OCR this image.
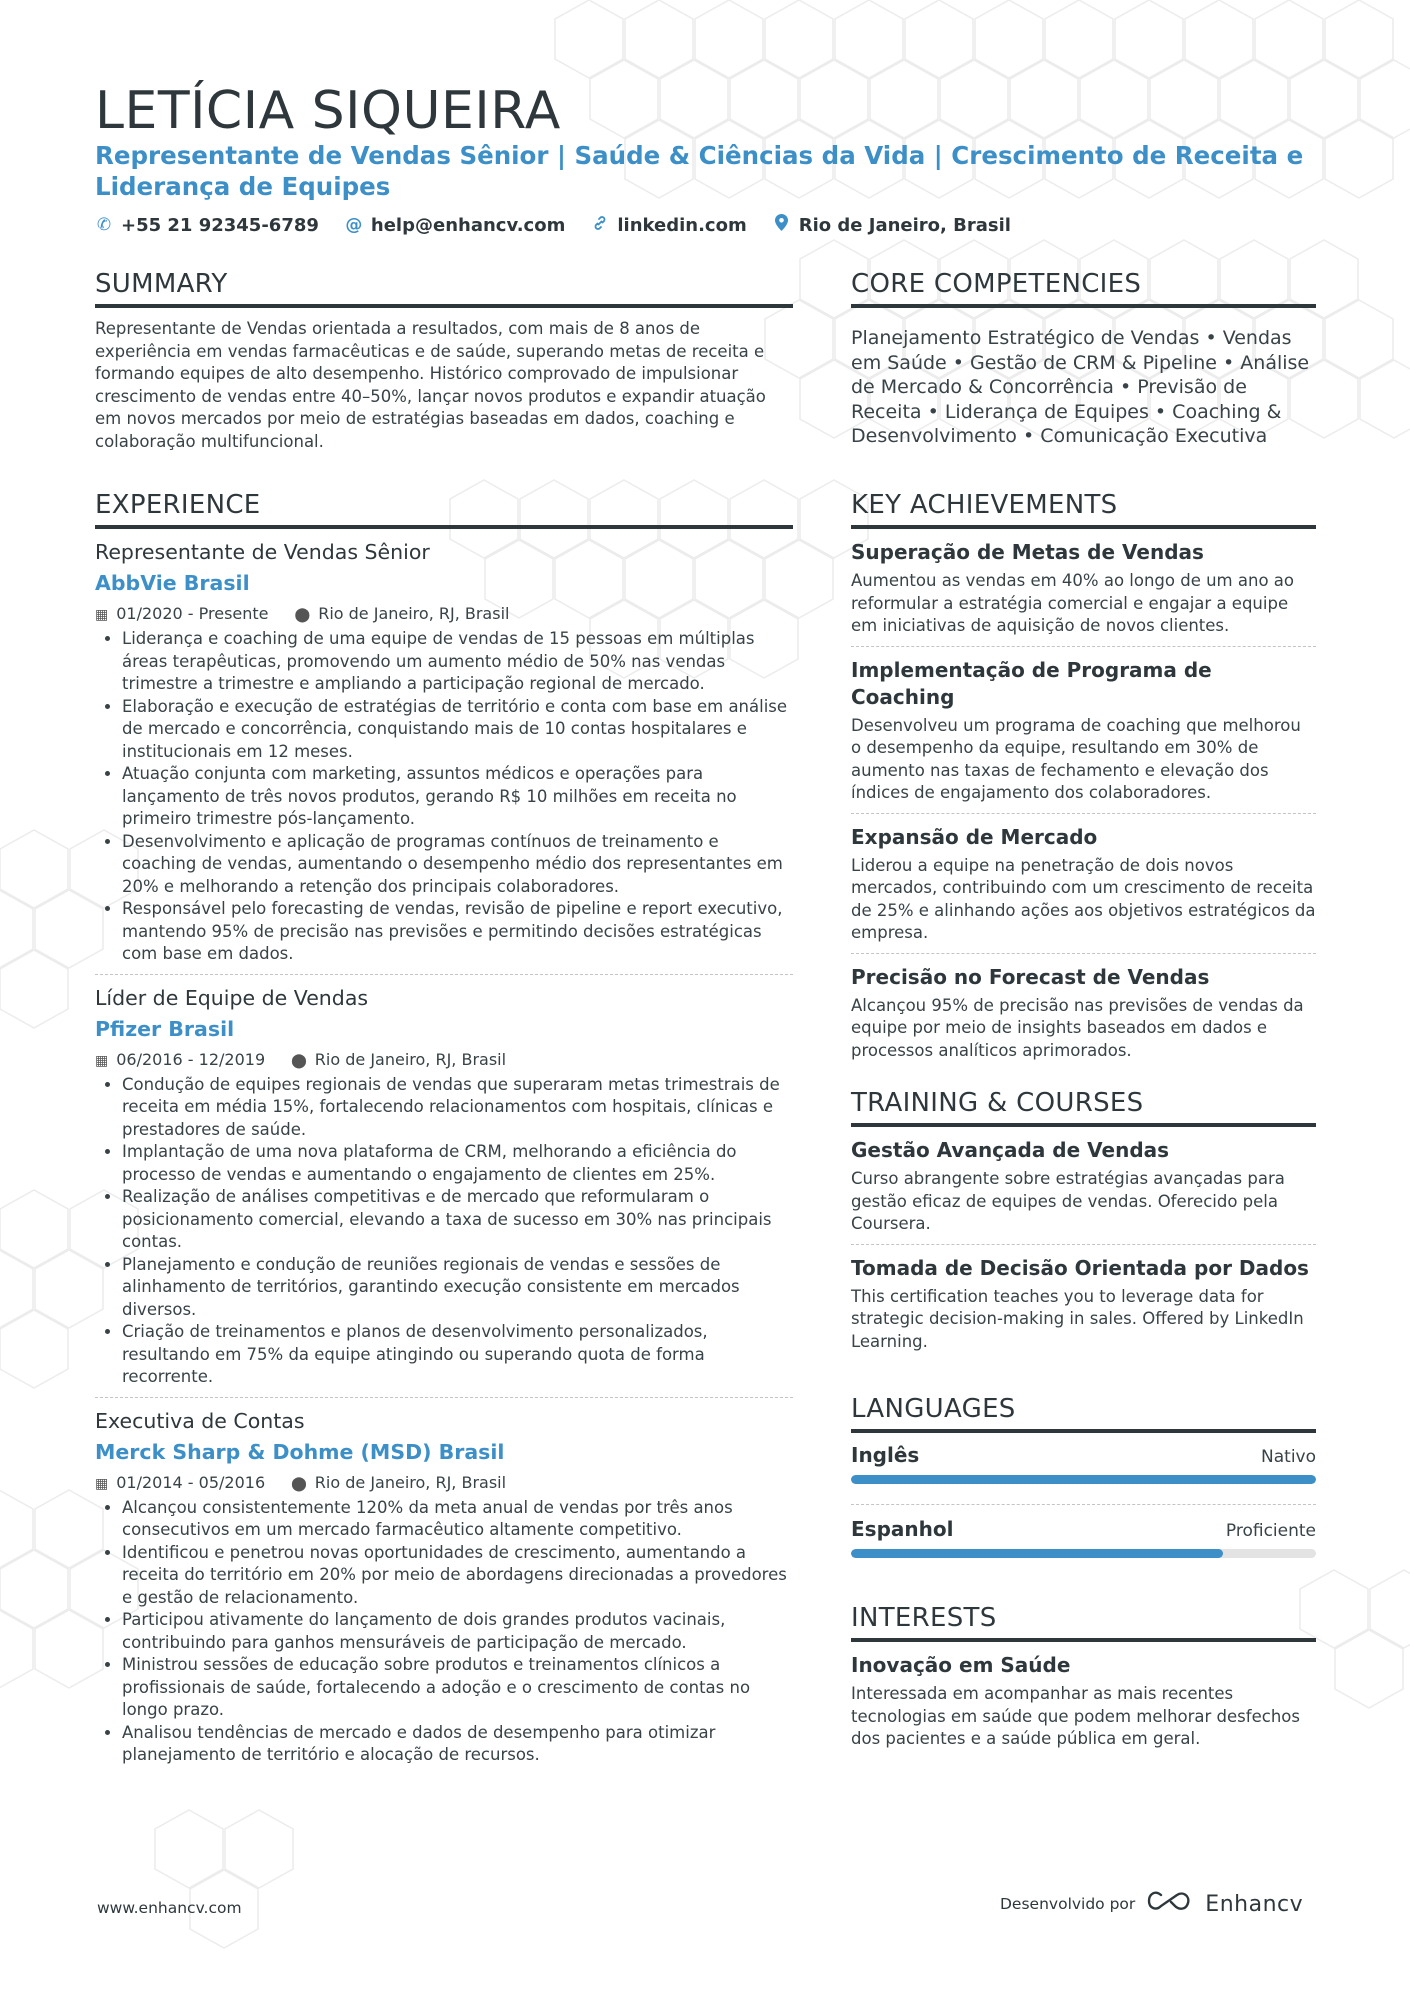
LETÍCIA SIQUEIRA

Representante de Vendas Sênior | Saúde & Ciências da Vida | Crescimento de Receita e Liderança de Equipes

✆ +55 21 92345-6789 @ help@enhancv.com	linkedin.com	Rio de Janeiro, Brasil
SUMMARY

Representante de Vendas orientada a resultados, com mais de 8 anos de experiência em vendas farmacêuticas e de saúde, superando metas de receita e formando equipes de alto desempenho. Histórico comprovado de impulsionar crescimento de vendas entre 40–50%, lançar novos produtos e expandir atuação em novos mercados por meio de estratégias baseadas em dados, coaching e colaboração multifuncional.

EXPERIENCE

Representante de Vendas Sênior

AbbVie Brasil

▦ 01/2020 - Presente ⬤ Rio de Janeiro, RJ, Brasil
• Liderança e coaching de uma equipe de vendas de 15 pessoas em múltiplas áreas terapêuticas, promovendo um aumento médio de 50% nas vendas trimestre a trimestre e ampliando a participação regional de mercado.
• Elaboração e execução de estratégias de território e conta com base em análise de mercado e concorrência, conquistando mais de 10 contas hospitalares e institucionais em 12 meses.
• Atuação conjunta com marketing, assuntos médicos e operações para lançamento de três novos produtos, gerando R$ 10 milhões em receita no primeiro trimestre pós-lançamento.
• Desenvolvimento e aplicação de programas contínuos de treinamento e coaching de vendas, aumentando o desempenho médio dos representantes em 20% e melhorando a retenção dos principais colaboradores.
• Responsável pelo forecasting de vendas, revisão de pipeline e report executivo, mantendo 95% de precisão nas previsões e permitindo decisões estratégicas com base em dados.

Líder de Equipe de Vendas

Pfizer Brasil

▦ 06/2016 - 12/2019 ⬤ Rio de Janeiro, RJ, Brasil
• Condução de equipes regionais de vendas que superaram metas trimestrais de receita em média 15%, fortalecendo relacionamentos com hospitais, clínicas e prestadores de saúde.
• Implantação de uma nova plataforma de CRM, melhorando a eficiência do processo de vendas e aumentando o engajamento de clientes em 25%.
• Realização de análises competitivas e de mercado que reformularam o posicionamento comercial, elevando a taxa de sucesso em 30% nas principais contas.
• Planejamento e condução de reuniões regionais de vendas e sessões de alinhamento de territórios, garantindo execução consistente em mercados diversos.
• Criação de treinamentos e planos de desenvolvimento personalizados, resultando em 75% da equipe atingindo ou superando quota de forma recorrente.

Executiva de Contas

Merck Sharp & Dohme (MSD) Brasil

▦ 01/2014 - 05/2016 ⬤ Rio de Janeiro, RJ, Brasil
• Alcançou consistentemente 120% da meta anual de vendas por três anos consecutivos em um mercado farmacêutico altamente competitivo.
• Identificou e penetrou novas oportunidades de crescimento, aumentando a receita do território em 20% por meio de abordagens direcionadas a provedores e gestão de relacionamento.
• Participou ativamente do lançamento de dois grandes produtos vacinais, contribuindo para ganhos mensuráveis de participação de mercado.
• Ministrou sessões de educação sobre produtos e treinamentos clínicos a profissionais de saúde, fortalecendo a adoção e o crescimento de contas no longo prazo.
• Analisou tendências de mercado e dados de desempenho para otimizar planejamento de território e alocação de recursos.
CORE COMPETENCIES

Planejamento Estratégico de Vendas • Vendas em Saúde • Gestão de CRM & Pipeline • Análise de Mercado & Concorrência • Previsão de Receita • Liderança de Equipes • Coaching & Desenvolvimento • Comunicação Executiva

KEY ACHIEVEMENTS

Superação de Metas de Vendas

Aumentou as vendas em 40% ao longo de um ano ao reformular a estratégia comercial e engajar a equipe em iniciativas de aquisição de novos clientes.

Implementação de Programa de Coaching

Desenvolveu um programa de coaching que melhorou o desempenho da equipe, resultando em 30% de aumento nas taxas de fechamento e elevação dos índices de engajamento dos colaboradores.

Expansão de Mercado

Liderou a equipe na penetração de dois novos mercados, contribuindo com um crescimento de receita de 25% e alinhando ações aos objetivos estratégicos da empresa.

Precisão no Forecast de Vendas

Alcançou 95% de precisão nas previsões de vendas da equipe por meio de insights baseados em dados e processos analíticos aprimorados.

TRAINING & COURSES

Gestão Avançada de Vendas

Curso abrangente sobre estratégias avançadas para gestão eficaz de equipes de vendas. Oferecido pela Coursera.

Tomada de Decisão Orientada por Dados

This certification teaches you to leverage data for strategic decision-making in sales. Offered by LinkedIn Learning.

LANGUAGES
Inglês	Nativo
Espanhol	Proficiente
INTERESTS

Inovação em Saúde

Interessada em acompanhar as mais recentes tecnologias em saúde que podem melhorar desfechos dos pacientes e a saúde pública em geral.

www.enhancv.com	Desenvolvido por	Enhancv
